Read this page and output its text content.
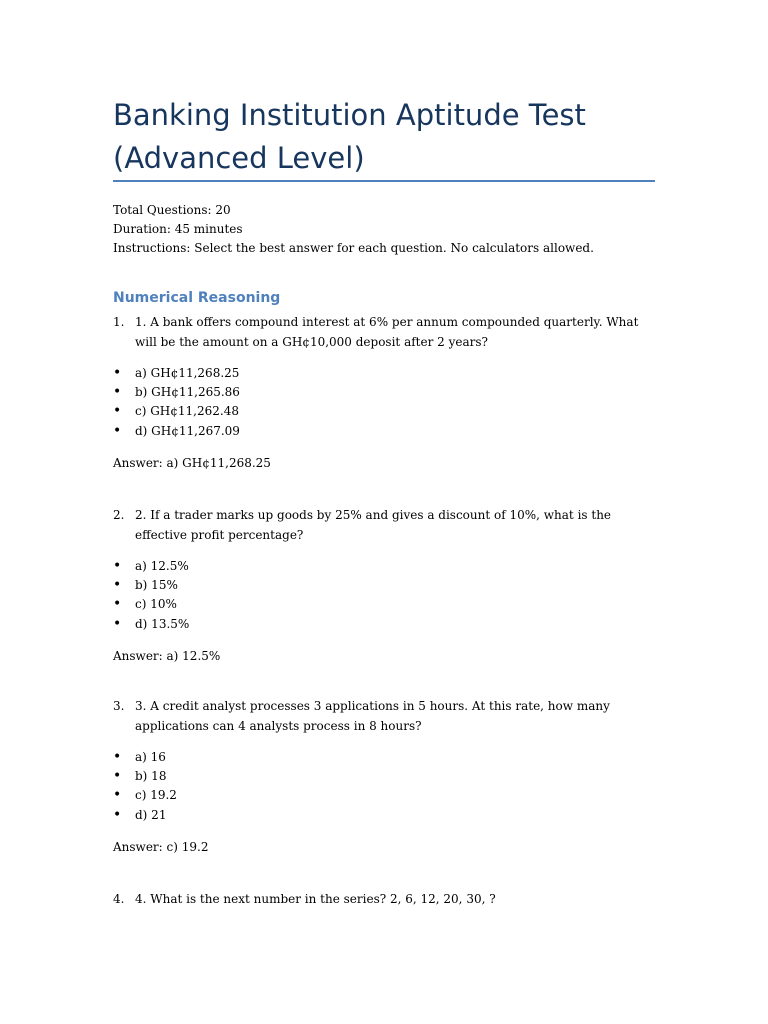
Banking Institution Aptitude Test (Advanced Level)
Total Questions: 20
Duration: 45 minutes
Instructions: Select the best answer for each question. No calculators allowed.
Numerical Reasoning
1. 1. A bank offers compound interest at 6% per annum compounded quarterly. What will be the amount on a GH¢10,000 deposit after 2 years?
•	a) GH¢11,268.25
•	b) GH¢11,265.86
•	c) GH¢11,262.48
•	d) GH¢11,267.09
Answer: a) GH¢11,268.25
2. 2. If a trader marks up goods by 25% and gives a discount of 10%, what is the effective profit percentage?
•	a) 12.5%
•	b) 15%
•	c) 10%
•	d) 13.5%
Answer: a) 12.5%
3. 3. A credit analyst processes 3 applications in 5 hours. At this rate, how many applications can 4 analysts process in 8 hours?
•	a) 16
•	b) 18
•	c) 19.2
•	d) 21
Answer: c) 19.2
4. 4. What is the next number in the series? 2, 6, 12, 20, 30, ?
